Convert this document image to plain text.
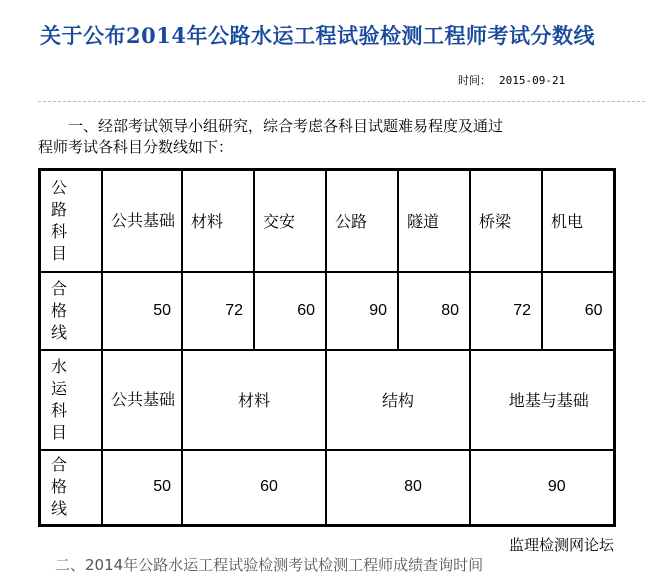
关于公布2014年公路水运工程试验检测工程师考试分数线
时间： 2015-09-21
一、经部考试领导小组研究，综合考虑各科目试题难易程度及通过
程师考试各科目分数线如下：
公
路
科
目	公共基础	材料	交安	公路	隧道	桥梁	机电

合
格
线	50	72	60	90	80	72	60

水
运
科
目	公共基础	材料		结构		地基与基础	

合
格
线	50	60		80		90	
监理检测网论坛
二、2014年公路水运工程试验检测考试检测工程师成绩查询时间
